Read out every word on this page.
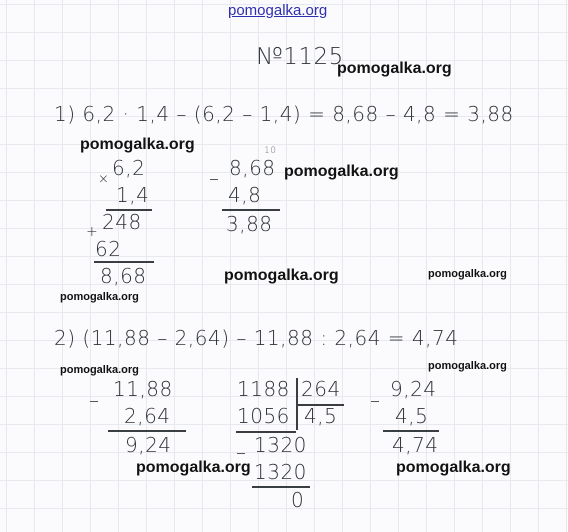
pomogalka.org
№1125
pomogalka.org
pomogalka.org
pomogalka.org
pomogalka.org	pomogalka.org
pomogalka.org
pomogalka.org	pomogalka.org
pomogalka.org	pomogalka.org
1) 6,2 · 1,4 – (6,2 – 1,4) = 8,68 – 4,8 = 3,88
× 6,2
1,4
+ 248
62
8,68
–
10
8,68
4,8
3,88
2) (11,88 – 2,64) – 11,88 : 2,64 = 4,74
– 11,88
2,64
9,24
1188 264
1056 4,5
– 1320
1320
0
– 9,24
4,5
4,74
